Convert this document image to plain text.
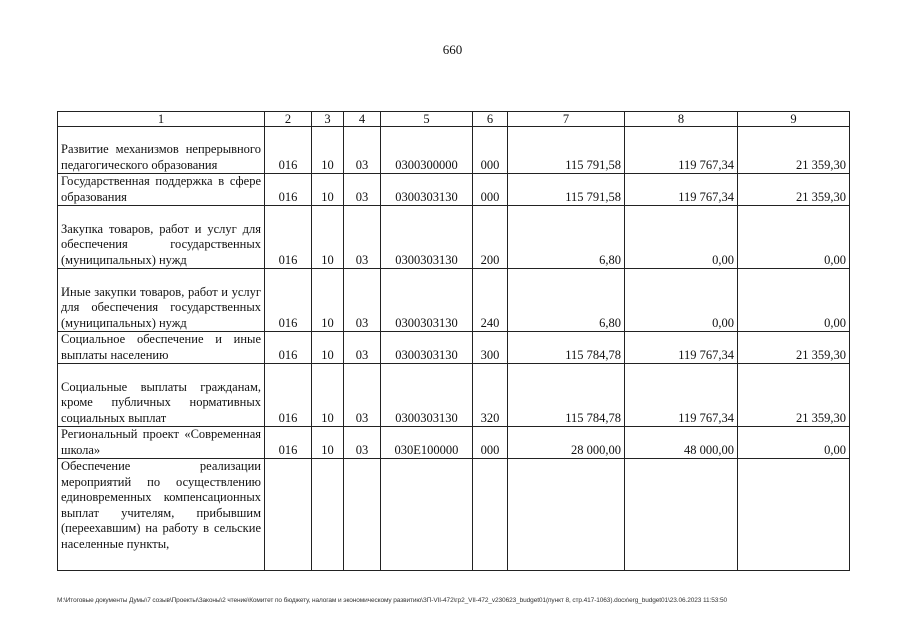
660
1	2	3	4	5	6	7	8	9
Развитие механизмов непрерывного педагогического образования	016	10	03	0300300000	000	115 791,58	119 767,34	21 359,30
Государственная поддержка в сфере образования	016	10	03	0300303130	000	115 791,58	119 767,34	21 359,30
Закупка товаров, работ и услуг для обеспечения государственных (муниципальных) нужд	016	10	03	0300303130	200	6,80	0,00	0,00
Иные закупки товаров, работ и услуг для обеспечения государственных (муниципальных) нужд	016	10	03	0300303130	240	6,80	0,00	0,00
Социальное обеспечение и иные выплаты населению	016	10	03	0300303130	300	115 784,78	119 767,34	21 359,30
Социальные выплаты гражданам, кроме публичных нормативных социальных выплат	016	10	03	0300303130	320	115 784,78	119 767,34	21 359,30
Региональный проект «Современная школа»	016	10	03	030E100000	000	28 000,00	48 000,00	0,00
Обеспечение реализации мероприятий по осуществлению единовременных компенсационных выплат учителям, прибывшим (переехавшим) на работу в сельские населенные пункты,								
М:\Итоговые документы Думы\7 созыв\Проекты\Законы\2 чтение\Комитет по бюджету, налогам и экономическому развитию\ЗП-VII-472\гр2_VII-472_v230623_budget01(пункт 8, стр.417-1063).docx\erg_budget01\23.06.2023 11:53:50
